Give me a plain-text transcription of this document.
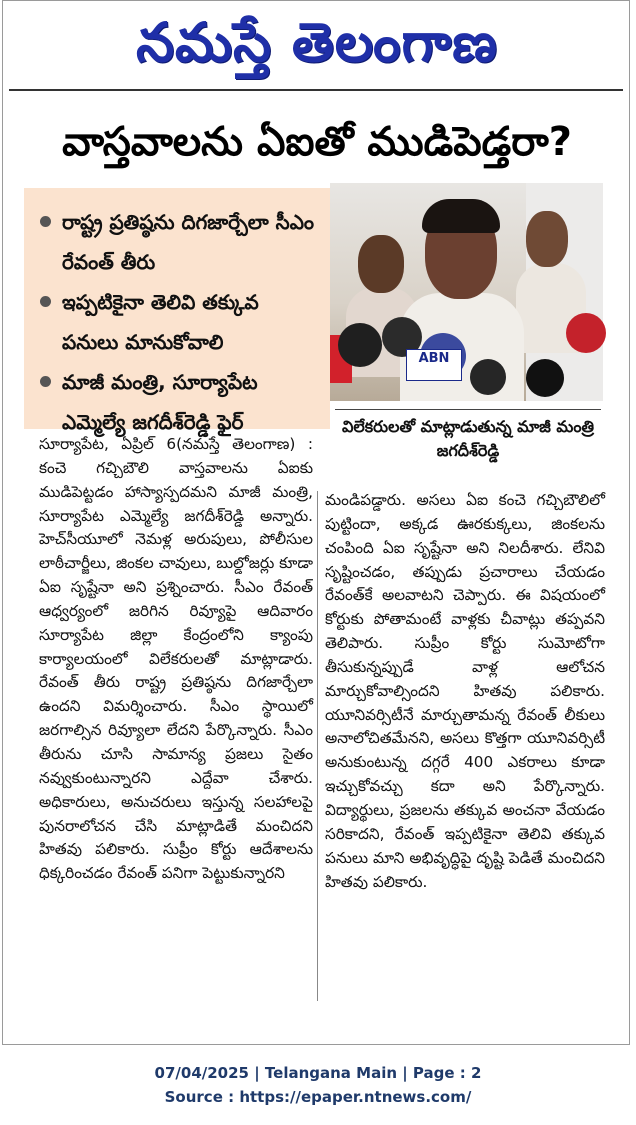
నమస్తే తెలంగాణ
వాస్తవాలను ఏఐతో ముడిపెడ్తరా?
రాష్ట్ర ప్రతిష్ఠను దిగజార్చేలా సీఎం రేవంత్ తీరు
ఇప్పటికైనా తెలివి తక్కువ పనులు మానుకోవాలి
మాజీ మంత్రి, సూర్యాపేట ఎమ్మెల్యే జగదీశ్‌రెడ్డి ఫైర్
ABN
విలేకరులతో మాట్లాడుతున్న మాజీ మంత్రి జగదీశ్‌రెడ్డి
సూర్యాపేట, ఏప్రిల్ 6(నమస్తే తెలంగాణ) : కంచె గచ్చిబౌలి వాస్తవాలను ఏఐకు ముడిపెట్టడం హాస్యాస్పదమని మాజీ మంత్రి, సూర్యాపేట ఎమ్మెల్యే జగదీశ్‌రెడ్డి అన్నారు. హెచ్‌సీయూలో నెమళ్ల అరుపులు, పోలీసుల లాఠీచార్జీలు, జింకల చావులు, బుల్డోజర్లు కూడా ఏఐ సృష్టేనా అని ప్రశ్నించారు. సీఎం రేవంత్ ఆధ్వర్యంలో జరిగిన రివ్యూపై ఆదివారం సూర్యాపేట జిల్లా కేంద్రంలోని క్యాంపు కార్యాలయంలో విలేకరులతో మాట్లాడారు. రేవంత్ తీరు రాష్ట్ర ప్రతిష్ఠను దిగజార్చేలా ఉందని విమర్శించారు. సీఎం స్థాయిలో జరగాల్సిన రివ్యూలా లేదని పేర్కొన్నారు. సీఎం తీరును చూసి సామాన్య ప్రజలు సైతం నవ్వుకుంటున్నారని ఎద్దేవా చేశారు. అధికారులు, అనుచరులు ఇస్తున్న సలహాలపై పునరాలోచన చేసి మాట్లాడితే మంచిదని హితవు పలికారు. సుప్రీం కోర్టు ఆదేశాలను ధిక్కరించడం రేవంత్ పనిగా పెట్టుకున్నారని
మండిపడ్డారు. అసలు ఏఐ కంచె గచ్చిబౌలిలో పుట్టిందా, అక్కడ ఊరకుక్కలు, జింకలను చంపింది ఏఐ సృష్టేనా అని నిలదీశారు. లేనివి సృష్టించడం, తప్పుడు ప్రచారాలు చేయడం రేవంత్‌కే అలవాటని చెప్పారు. ఈ విషయంలో కోర్టుకు పోతామంటే వాళ్లకు చీవాట్లు తప్పవని తెలిపారు. సుప్రీం కోర్టు సుమోటోగా తీసుకున్నప్పుడే వాళ్ల ఆలోచన మార్చుకోవాల్సిందని హితవు పలికారు. యూనివర్సిటీనే మార్చుతామన్న రేవంత్ లీకులు అనాలోచితమేనని, అసలు కొత్తగా యూనివర్సిటీ అనుకుంటున్న దగ్గరే 400 ఎకరాలు కూడా ఇచ్చుకోవచ్చు కదా అని పేర్కొన్నారు. విద్యార్థులు, ప్రజలను తక్కువ అంచనా వేయడం సరికాదని, రేవంత్ ఇప్పటికైనా తెలివి తక్కువ పనులు మాని అభివృద్ధిపై దృష్టి పెడితే మంచిదని హితవు పలికారు.
07/04/2025 | Telangana Main | Page : 2
Source : https://epaper.ntnews.com/
